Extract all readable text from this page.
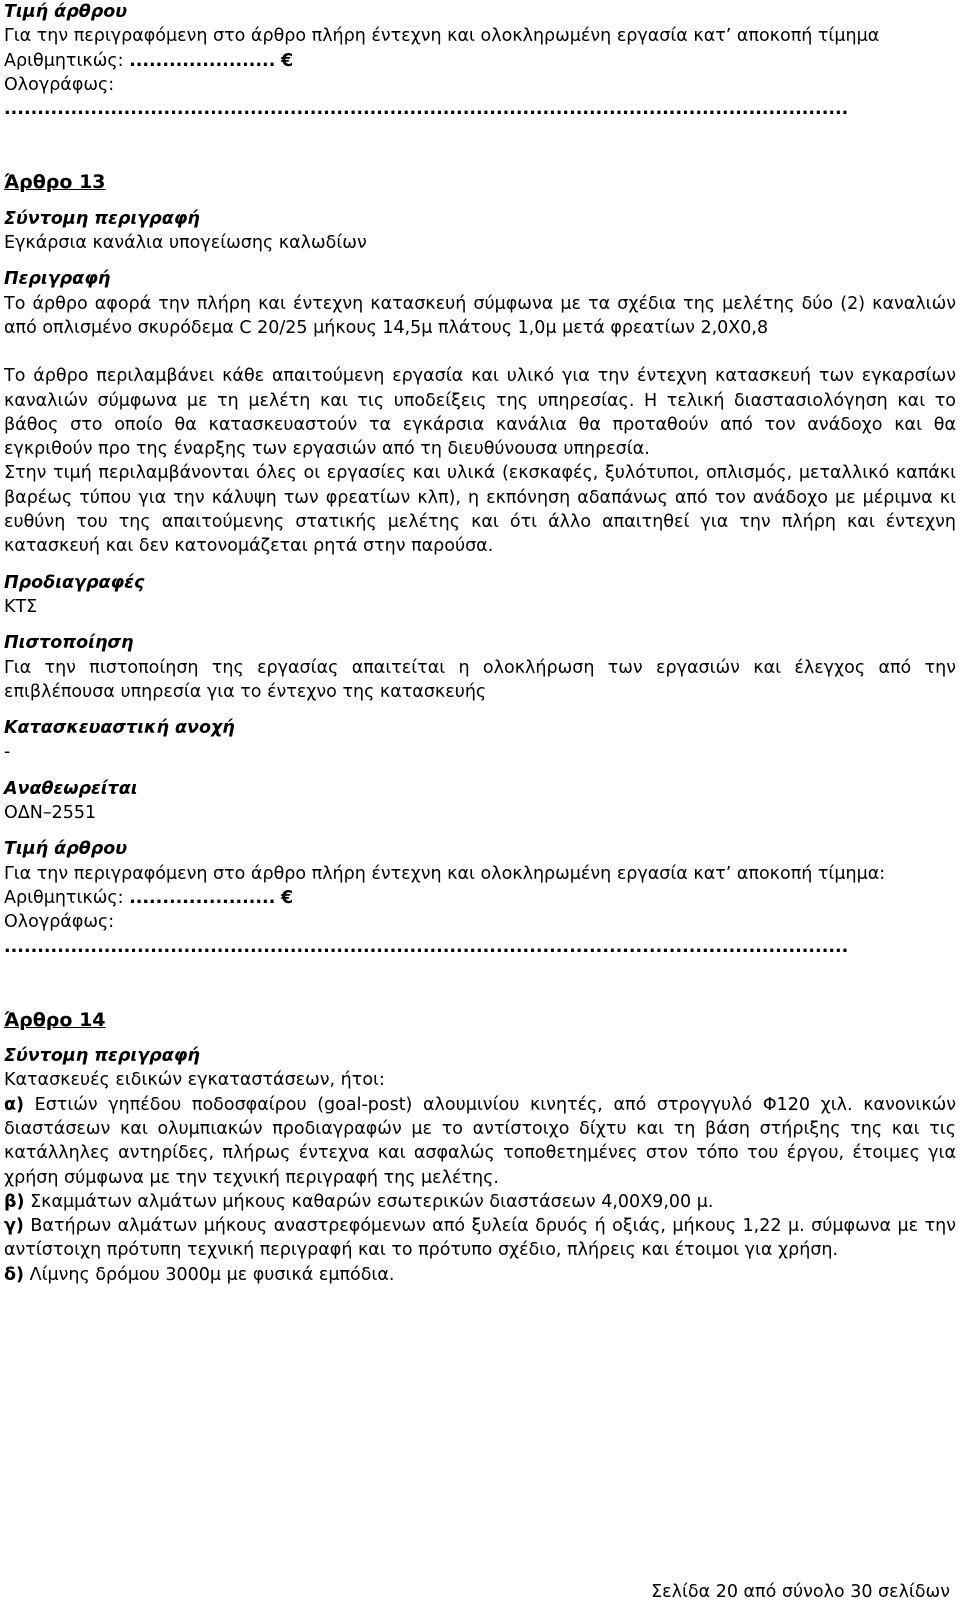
Τιμή άρθρου

Για την περιγραφόμενη στο άρθρο πλήρη έντεχνη και ολοκληρωμένη εργασία κατ’ αποκοπή τίμημα

Αριθμητικώς: ...................... €

Ολογράφως: ...............................................................................................................................

Άρθρο 13

Σύντομη περιγραφή

Εγκάρσια κανάλια υπογείωσης καλωδίων

Περιγραφή

Το άρθρο αφορά την πλήρη και έντεχνη κατασκευή σύμφωνα με τα σχέδια της μελέτης δύο (2) καναλιών από οπλισμένο σκυρόδεμα C 20/25 μήκους 14,5μ πλάτους 1,0μ μετά φρεατίων 2,0Χ0,8

Το άρθρο περιλαμβάνει κάθε απαιτούμενη εργασία και υλικό για την έντεχνη κατασκευή των εγκαρσίων καναλιών σύμφωνα με τη μελέτη και τις υποδείξεις της υπηρεσίας. Η τελική διαστασιολόγηση και το βάθος στο οποίο θα κατασκευαστούν τα εγκάρσια κανάλια θα προταθούν από τον ανάδοχο και θα εγκριθούν προ της έναρξης των εργασιών από τη διευθύνουσα υπηρεσία.

Στην τιμή περιλαμβάνονται όλες οι εργασίες και υλικά (εκσκαφές, ξυλότυποι, οπλισμός, μεταλλικό καπάκι βαρέως τύπου για την κάλυψη των φρεατίων κλπ), η εκπόνηση αδαπάνως από τον ανάδοχο με μέριμνα κι ευθύνη του της απαιτούμενης στατικής μελέτης και ότι άλλο απαιτηθεί για την πλήρη και έντεχνη κατασκευή και δεν κατονομάζεται ρητά στην παρούσα.

Προδιαγραφές

ΚΤΣ

Πιστοποίηση

Για την πιστοποίηση της εργασίας απαιτείται η ολοκλήρωση των εργασιών και έλεγχος από την επιβλέπουσα υπηρεσία για το έντεχνο της κατασκευής

Κατασκευαστική ανοχή

-

Αναθεωρείται

ΟΔΝ–2551

Τιμή άρθρου

Για την περιγραφόμενη στο άρθρο πλήρη έντεχνη και ολοκληρωμένη εργασία κατ’ αποκοπή τίμημα:

Αριθμητικώς: ...................... €

Ολογράφως: ...............................................................................................................................

Άρθρο 14

Σύντομη περιγραφή

Κατασκευές ειδικών εγκαταστάσεων, ήτοι:

α) Εστιών γηπέδου ποδοσφαίρου (goal-post) αλουμινίου κινητές, από στρογγυλό Φ120 χιλ. κανονικών διαστάσεων και ολυμπιακών προδιαγραφών με το αντίστοιχο δίχτυ και τη βάση στήριξης της και τις κατάλληλες αντηρίδες, πλήρως έντεχνα και ασφαλώς τοποθετημένες στον τόπο του έργου, έτοιμες για χρήση σύμφωνα με την τεχνική περιγραφή της μελέτης.

β) Σκαμμάτων αλμάτων μήκους καθαρών εσωτερικών διαστάσεων 4,00Χ9,00 μ.

γ) Βατήρων αλμάτων μήκους αναστρεφόμενων από ξυλεία δρυός ή οξιάς, μήκους 1,22 μ. σύμφωνα με την αντίστοιχη πρότυπη τεχνική περιγραφή και το πρότυπο σχέδιο, πλήρεις και έτοιμοι για χρήση.

δ) Λίμνης δρόμου 3000μ με φυσικά εμπόδια.

Σελίδα 20 από σύνολο 30 σελίδων
